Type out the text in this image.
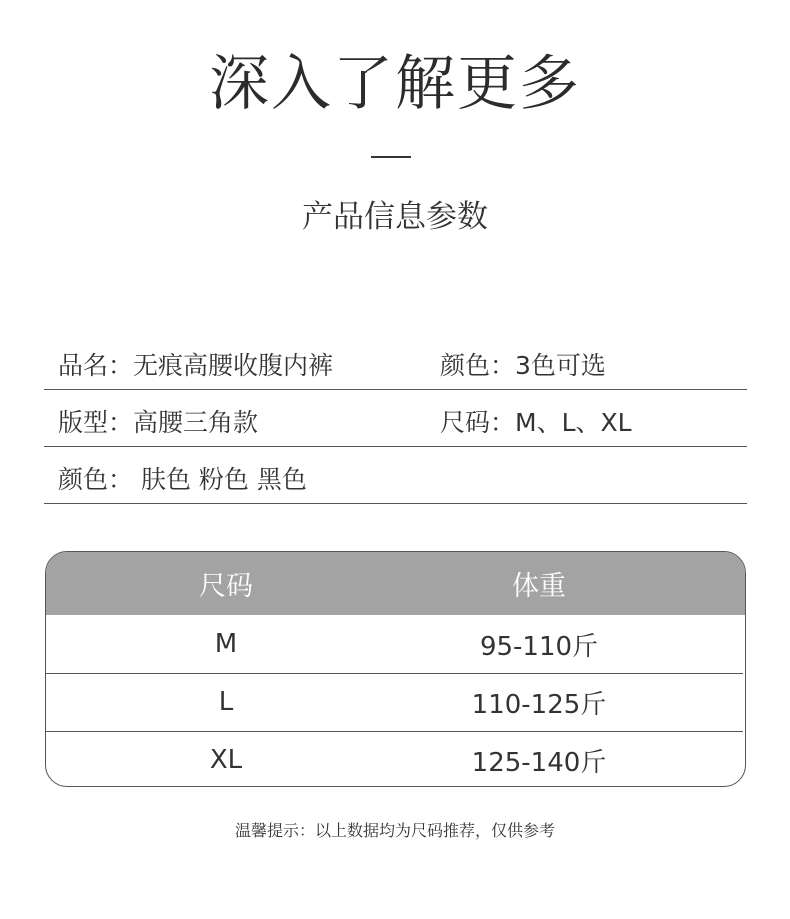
深入了解更多
产品信息参数
品名：无痕高腰收腹内裤	颜色：3色可选
版型：高腰三角款	尺码：M、L、XL
颜色： 肤色 粉色 黑色
尺码	体重
M	95-110斤
L	110-125斤
XL	125-140斤
温馨提示：以上数据均为尺码推荐，仅供参考
